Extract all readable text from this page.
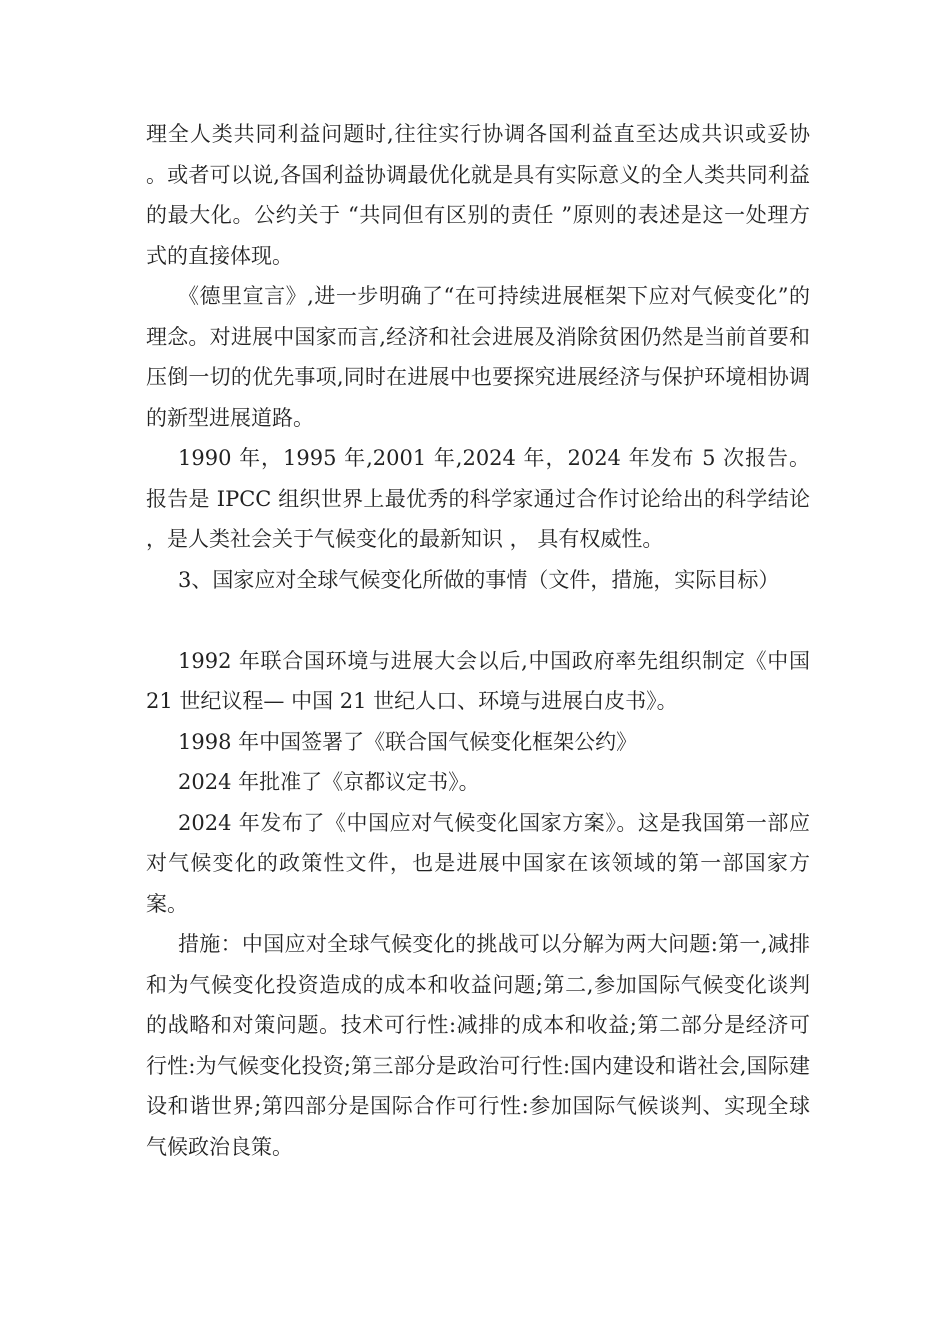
理全人类共同利益问题时,往往实行协调各国利益直至达成共识或妥协 。或者可以说,各国利益协调最优化就是具有实际意义的全人类共同利益的最大化。公约关于 “共同但有区别的责任 ”原则的表述是这一处理方式的直接体现。

《德里宣言》,进一步明确了“在可持续进展框架下应对气候变化”的理念。对进展中国家而言,经济和社会进展及消除贫困仍然是当前首要和压倒一切的优先事项,同时在进展中也要探究进展经济与保护环境相协调的新型进展道路。

1990 年，1995 年,2001 年,2024 年，2024 年发布 5 次报告。报告是 IPCC 组织世界上最优秀的科学家通过合作讨论给出的科学结论 ，是人类社会关于气候变化的最新知识 ， 具有权威性。

3、国家应对全球气候变化所做的事情（文件，措施，实际目标）

1992 年联合国环境与进展大会以后,中国政府率先组织制定《中国 21 世纪议程— 中国 21 世纪人口、环境与进展白皮书》。

1998 年中国签署了《联合国气候变化框架公约》

2024 年批准了《京都议定书》。

2024 年发布了《中国应对气候变化国家方案》。这是我国第一部应对气候变化的政策性文件，也是进展中国家在该领域的第一部国家方案。

措施：中国应对全球气候变化的挑战可以分解为两大问题:第一,减排和为气候变化投资造成的成本和收益问题;第二,参加国际气候变化谈判的战略和对策问题。技术可行性:减排的成本和收益;第二部分是经济可行性:为气候变化投资;第三部分是政治可行性:国内建设和谐社会,国际建设和谐世界;第四部分是国际合作可行性:参加国际气候谈判、实现全球气候政治良策。
